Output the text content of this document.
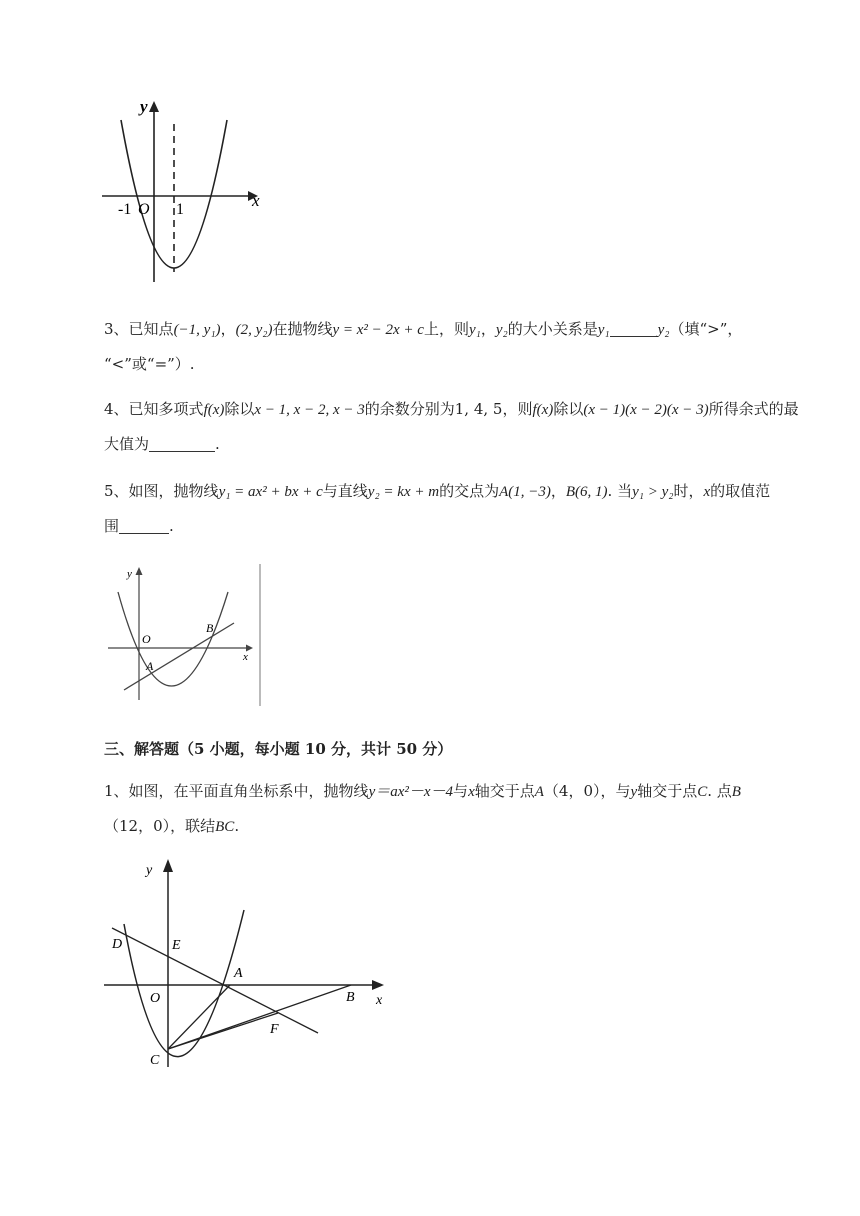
y
x
-1 O 1
3、已知点(−1, y₁)，(2, y₂)在抛物线y = x² − 2x + c上，则y₁，y₂的大小关系是y₁	y₂（填“>”，
“<”或“=”）.
4、已知多项式f(x)除以x − 1, x − 2, x − 3的余数分别为1, 4, 5，则f(x)除以(x − 1)(x − 2)(x − 3)所得余式的最
大值为	.
5、如图，抛物线y₁ = ax² + bx + c与直线y₂ = kx + m的交点为A(1, −3)，B(6, 1). 当y₁ > y₂时，x的取值范
围	.
y
x
O
A
B
三、解答题（5 小题，每小题 10 分，共计 50 分）
1、如图，在平面直角坐标系中，抛物线y＝ax²－x－4与x轴交于点A（4，0），与y轴交于点C. 点B
（12，0），联结BC.
y
x
D	E
O
A
B
F
C
